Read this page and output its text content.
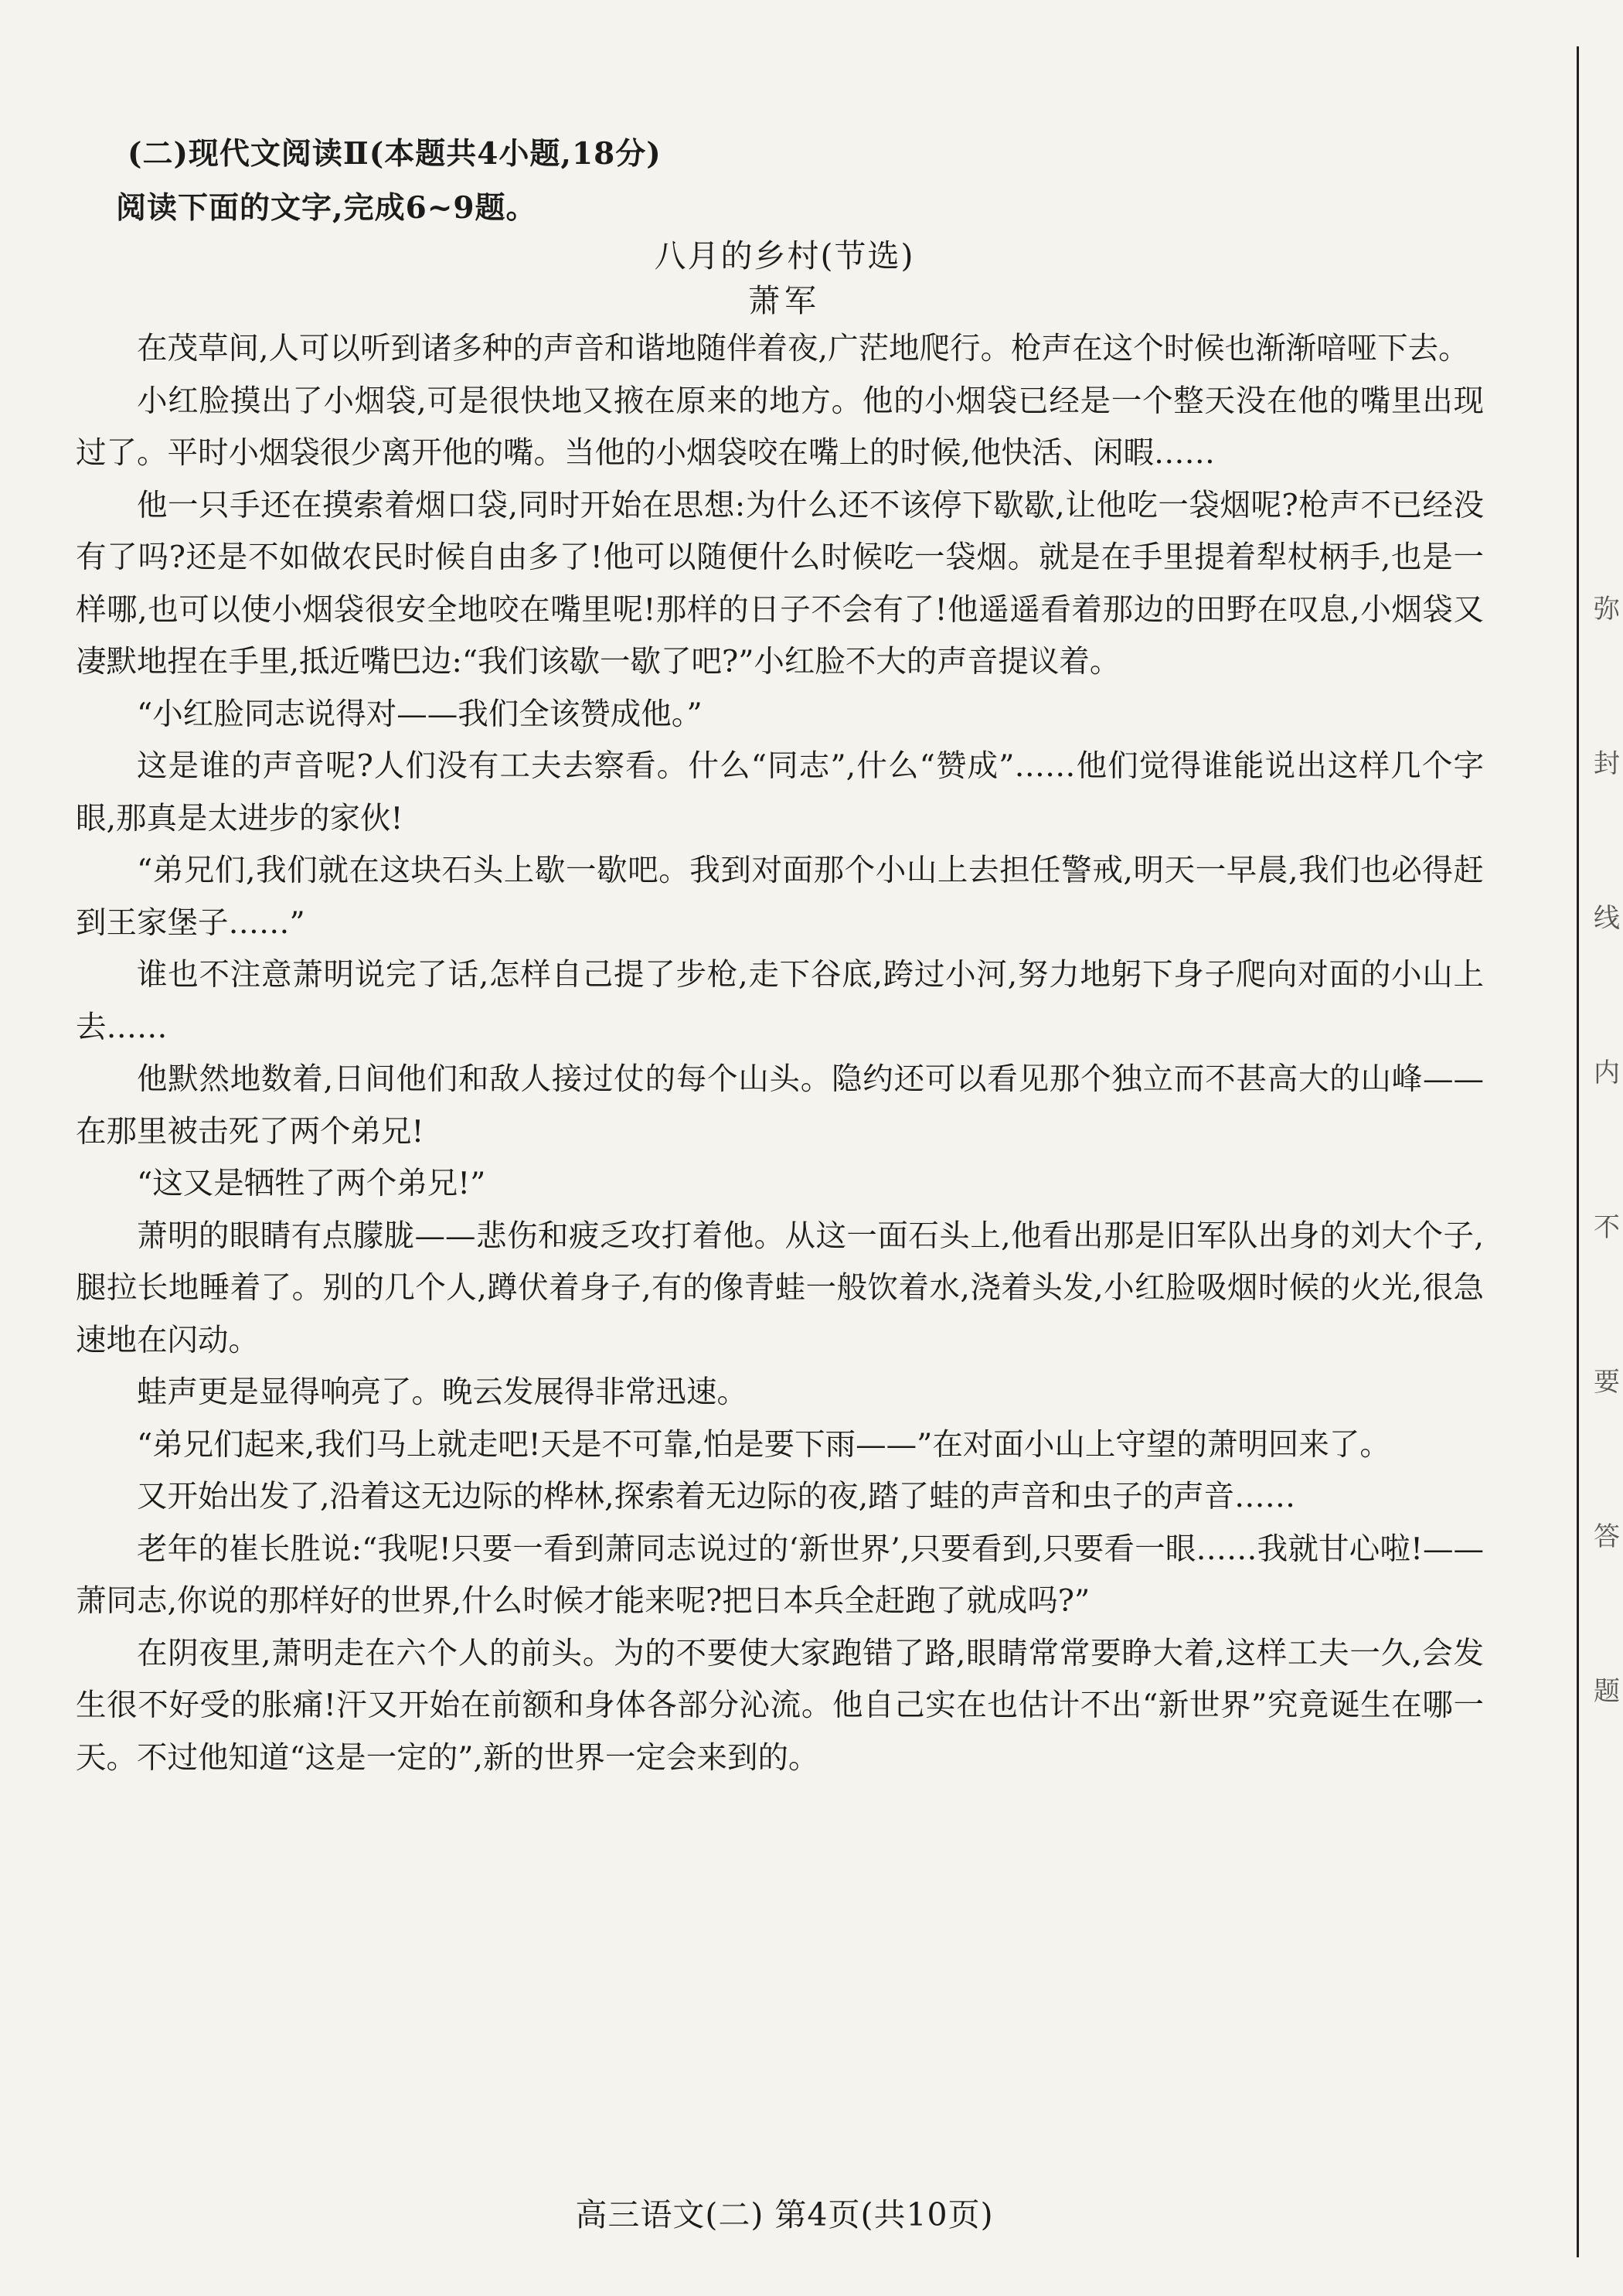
(二)现代文阅读Ⅱ(本题共4小题,18分)
阅读下面的文字,完成6~9题。
八月的乡村(节选)
萧军

在茂草间,人可以听到诸多种的声音和谐地随伴着夜,广茫地爬行。枪声在这个时候也渐渐喑哑下去。

小红脸摸出了小烟袋,可是很快地又掖在原来的地方。他的小烟袋已经是一个整天没在他的嘴里出现过了。平时小烟袋很少离开他的嘴。当他的小烟袋咬在嘴上的时候,他快活、闲暇……

他一只手还在摸索着烟口袋,同时开始在思想:为什么还不该停下歇歇,让他吃一袋烟呢?枪声不已经没有了吗?还是不如做农民时候自由多了!他可以随便什么时候吃一袋烟。就是在手里提着犁杖柄手,也是一样哪,也可以使小烟袋很安全地咬在嘴里呢!那样的日子不会有了!他遥遥看着那边的田野在叹息,小烟袋又凄默地捏在手里,抵近嘴巴边:“我们该歇一歇了吧?”小红脸不大的声音提议着。

“小红脸同志说得对——我们全该赞成他。”

这是谁的声音呢?人们没有工夫去察看。什么“同志”,什么“赞成”……他们觉得谁能说出这样几个字眼,那真是太进步的家伙!

“弟兄们,我们就在这块石头上歇一歇吧。我到对面那个小山上去担任警戒,明天一早晨,我们也必得赶到王家堡子……”

谁也不注意萧明说完了话,怎样自己提了步枪,走下谷底,跨过小河,努力地躬下身子爬向对面的小山上去……

他默然地数着,日间他们和敌人接过仗的每个山头。隐约还可以看见那个独立而不甚高大的山峰——在那里被击死了两个弟兄!

“这又是牺牲了两个弟兄!”

萧明的眼睛有点朦胧——悲伤和疲乏攻打着他。从这一面石头上,他看出那是旧军队出身的刘大个子,腿拉长地睡着了。别的几个人,蹲伏着身子,有的像青蛙一般饮着水,浇着头发,小红脸吸烟时候的火光,很急速地在闪动。

蛙声更是显得响亮了。晚云发展得非常迅速。

“弟兄们起来,我们马上就走吧!天是不可靠,怕是要下雨——”在对面小山上守望的萧明回来了。

又开始出发了,沿着这无边际的桦林,探索着无边际的夜,踏了蛙的声音和虫子的声音……

老年的崔长胜说:“我呢!只要一看到萧同志说过的‘新世界’,只要看到,只要看一眼……我就甘心啦!——萧同志,你说的那样好的世界,什么时候才能来呢?把日本兵全赶跑了就成吗?”

在阴夜里,萧明走在六个人的前头。为的不要使大家跑错了路,眼睛常常要睁大着,这样工夫一久,会发生很不好受的胀痛!汗又开始在前额和身体各部分沁流。他自己实在也估计不出“新世界”究竟诞生在哪一天。不过他知道“这是一定的”,新的世界一定会来到的。

高三语文(二) 第4页(共10页)
弥
封
线
内
不
要
答
题
